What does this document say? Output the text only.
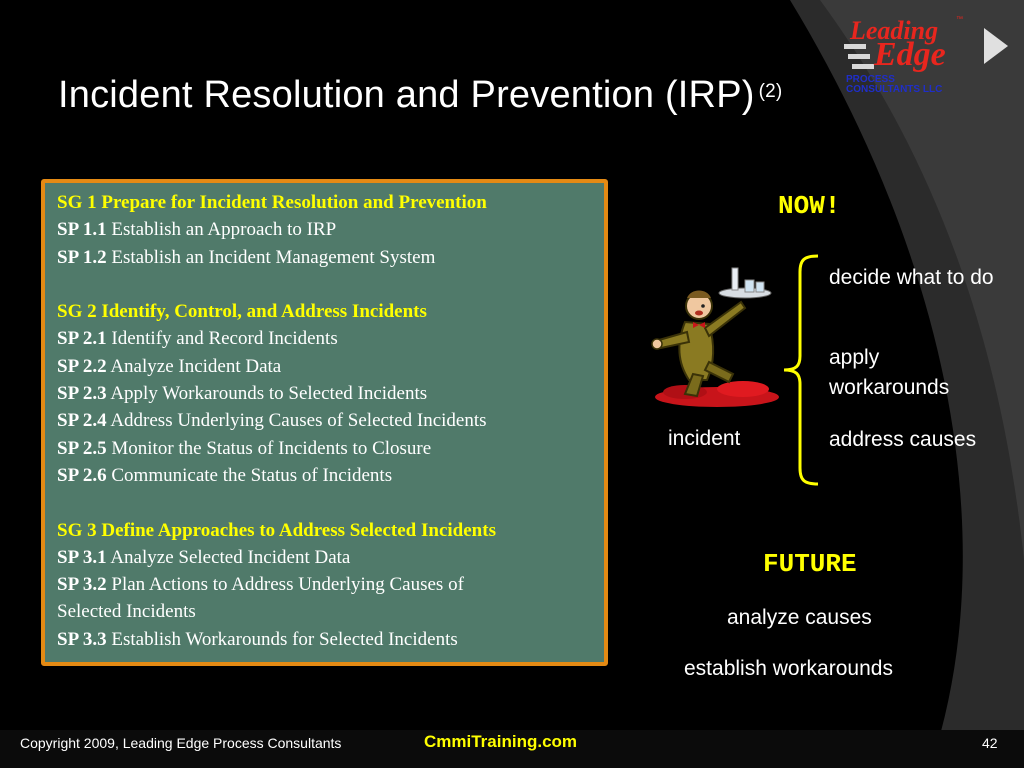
Incident Resolution and Prevention (IRP) $^{(2)}$
Leading	™
Edge
PROCESS
CONSULTANTS LLC
SG 1 Prepare for Incident Resolution and Prevention
SP 1.1 Establish an Approach to IRP
SP 1.2 Establish an Incident Management System
SG 2 Identify, Control, and Address Incidents
SP 2.1 Identify and Record Incidents
SP 2.2 Analyze Incident Data
SP 2.3 Apply Workarounds to Selected Incidents
SP 2.4 Address Underlying Causes of Selected Incidents
SP 2.5 Monitor the Status of Incidents to Closure
SP 2.6 Communicate the Status of Incidents
SG 3 Define Approaches to Address Selected Incidents
SP 3.1 Analyze Selected Incident Data
SP 3.2 Plan Actions to Address Underlying Causes of
Selected Incidents
SP 3.3 Establish Workarounds for Selected Incidents
NOW!
incident
decide what to do
apply workarounds
address causes
FUTURE
analyze causes
establish workarounds
Copyright 2009, Leading Edge Process Consultants	CmmiTraining.com	42
